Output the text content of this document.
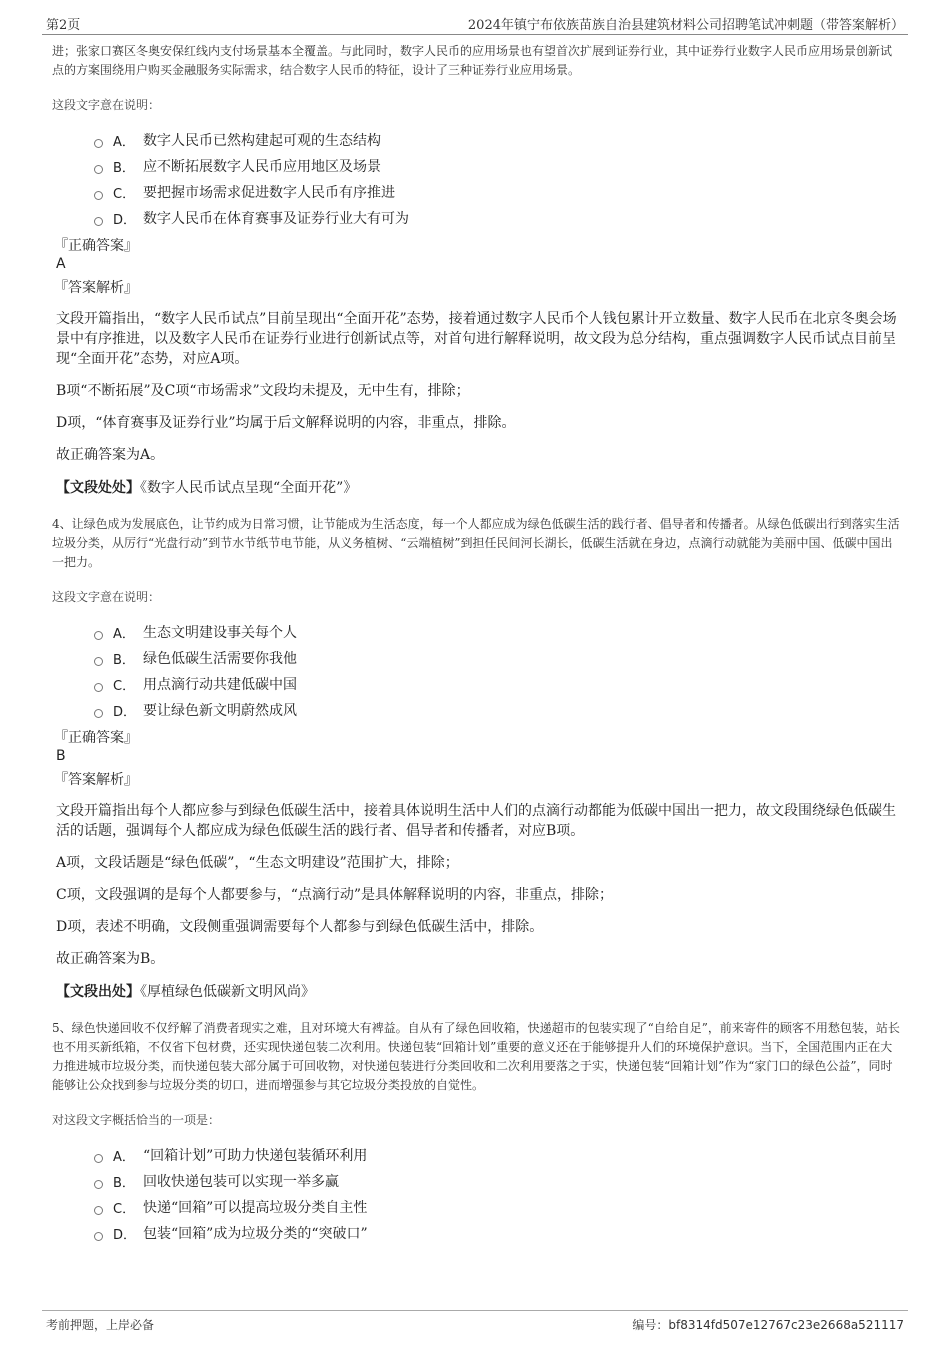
第2页	2024年镇宁布依族苗族自治县建筑材料公司招聘笔试冲刺题（带答案解析）

进；张家口赛区冬奥安保红线内支付场景基本全覆盖。与此同时，数字人民币的应用场景也有望首次扩展到证券行业，其中证券行业数字人民币应用场景创新试点的方案围绕用户购买金融服务实际需求，结合数字人民币的特征，设计了三种证券行业应用场景。

这段文字意在说明：
A． 数字人民币已然构建起可观的生态结构
B． 应不断拓展数字人民币应用地区及场景
C． 要把握市场需求促进数字人民币有序推进
D． 数字人民币在体育赛事及证券行业大有可为
『正确答案』
A
『答案解析』

文段开篇指出，“数字人民币试点”目前呈现出“全面开花”态势，接着通过数字人民币个人钱包累计开立数量、数字人民币在北京冬奥会场景中有序推进，以及数字人民币在证券行业进行创新试点等，对首句进行解释说明，故文段为总分结构，重点强调数字人民币试点目前呈现“全面开花”态势，对应A项。

B项“不断拓展”及C项“市场需求”文段均未提及，无中生有，排除；

D项，“体育赛事及证券行业”均属于后文解释说明的内容，非重点，排除。

故正确答案为A。

【文段处处】《数字人民币试点呈现“全面开花”》

4、让绿色成为发展底色，让节约成为日常习惯，让节能成为生活态度，每一个人都应成为绿色低碳生活的践行者、倡导者和传播者。从绿色低碳出行到落实生活垃圾分类，从厉行“光盘行动”到节水节纸节电节能，从义务植树、“云端植树”到担任民间河长湖长，低碳生活就在身边，点滴行动就能为美丽中国、低碳中国出一把力。

这段文字意在说明：
A． 生态文明建设事关每个人
B． 绿色低碳生活需要你我他
C． 用点滴行动共建低碳中国
D． 要让绿色新文明蔚然成风
『正确答案』
B
『答案解析』

文段开篇指出每个人都应参与到绿色低碳生活中，接着具体说明生活中人们的点滴行动都能为低碳中国出一把力，故文段围绕绿色低碳生活的话题，强调每个人都应成为绿色低碳生活的践行者、倡导者和传播者，对应B项。

A项，文段话题是“绿色低碳”，“生态文明建设”范围扩大，排除；

C项，文段强调的是每个人都要参与，“点滴行动”是具体解释说明的内容，非重点，排除；

D项，表述不明确，文段侧重强调需要每个人都参与到绿色低碳生活中，排除。

故正确答案为B。

【文段出处】《厚植绿色低碳新文明风尚》

5、绿色快递回收不仅纾解了消费者现实之难，且对环境大有裨益。自从有了绿色回收箱，快递超市的包装实现了“自给自足”，前来寄件的顾客不用愁包装，站长也不用买新纸箱，不仅省下包材费，还实现快递包装二次利用。快递包装“回箱计划”重要的意义还在于能够提升人们的环境保护意识。当下，全国范围内正在大力推进城市垃圾分类，而快递包装大部分属于可回收物，对快递包装进行分类回收和二次利用要落之于实，快递包装“回箱计划”作为“家门口的绿色公益”，同时能够让公众找到参与垃圾分类的切口，进而增强参与其它垃圾分类投放的自觉性。

对这段文字概括恰当的一项是：
A． “回箱计划”可助力快递包装循环利用
B． 回收快递包装可以实现一举多赢
C． 快递“回箱”可以提高垃圾分类自主性
D． 包装“回箱”成为垃圾分类的“突破口”
考前押题，上岸必备	编号：bf8314fd507e12767c23e2668a521117
